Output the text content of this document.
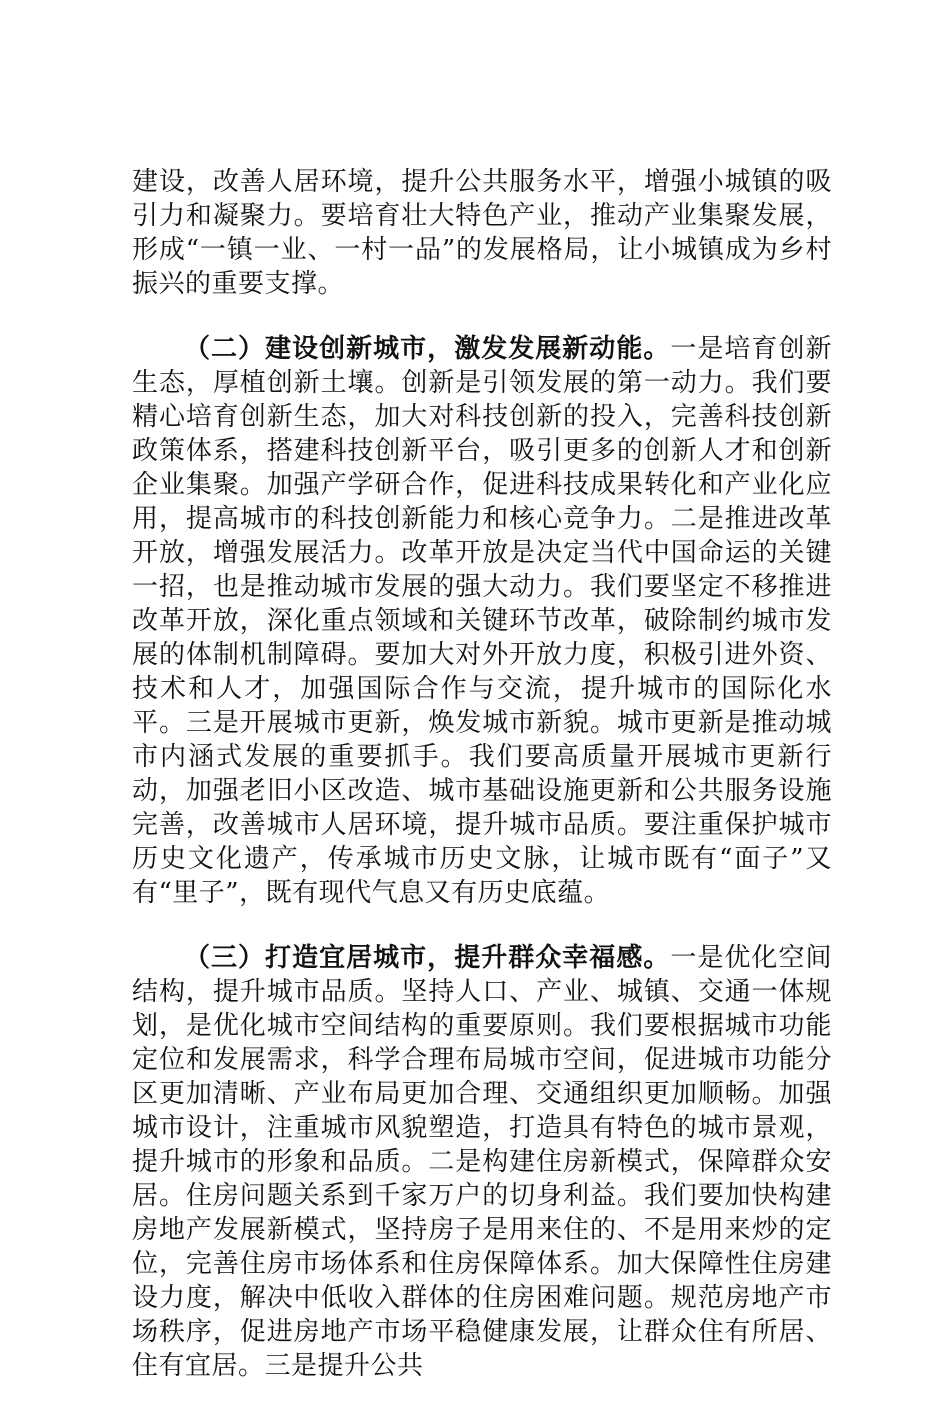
建设，改善人居环境，提升公共服务水平，增强小城镇的吸引力和凝聚力。要培育壮大特色产业，推动产业集聚发展，形成“一镇一业、一村一品”的发展格局，让小城镇成为乡村振兴的重要支撑。

（二）建设创新城市，激发发展新动能。一是培育创新生态，厚植创新土壤。创新是引领发展的第一动力。我们要精心培育创新生态，加大对科技创新的投入，完善科技创新政策体系，搭建科技创新平台，吸引更多的创新人才和创新企业集聚。加强产学研合作，促进科技成果转化和产业化应用，提高城市的科技创新能力和核心竞争力。二是推进改革开放，增强发展活力。改革开放是决定当代中国命运的关键一招，也是推动城市发展的强大动力。我们要坚定不移推进改革开放，深化重点领域和关键环节改革，破除制约城市发展的体制机制障碍。要加大对外开放力度，积极引进外资、技术和人才，加强国际合作与交流，提升城市的国际化水平。三是开展城市更新，焕发城市新貌。城市更新是推动城市内涵式发展的重要抓手。我们要高质量开展城市更新行动，加强老旧小区改造、城市基础设施更新和公共服务设施完善，改善城市人居环境，提升城市品质。要注重保护城市历史文化遗产，传承城市历史文脉，让城市既有“面子”又有“里子”，既有现代气息又有历史底蕴。

（三）打造宜居城市，提升群众幸福感。一是优化空间结构，提升城市品质。坚持人口、产业、城镇、交通一体规划，是优化城市空间结构的重要原则。我们要根据城市功能定位和发展需求，科学合理布局城市空间，促进城市功能分区更加清晰、产业布局更加合理、交通组织更加顺畅。加强城市设计，注重城市风貌塑造，打造具有特色的城市景观，提升城市的形象和品质。二是构建住房新模式，保障群众安居。住房问题关系到千家万户的切身利益。我们要加快构建房地产发展新模式，坚持房子是用来住的、不是用来炒的定位，完善住房市场体系和住房保障体系。加大保障性住房建设力度，解决中低收入群体的住房困难问题。规范房地产市场秩序，促进房地产市场平稳健康发展，让群众住有所居、住有宜居。三是提升公共
